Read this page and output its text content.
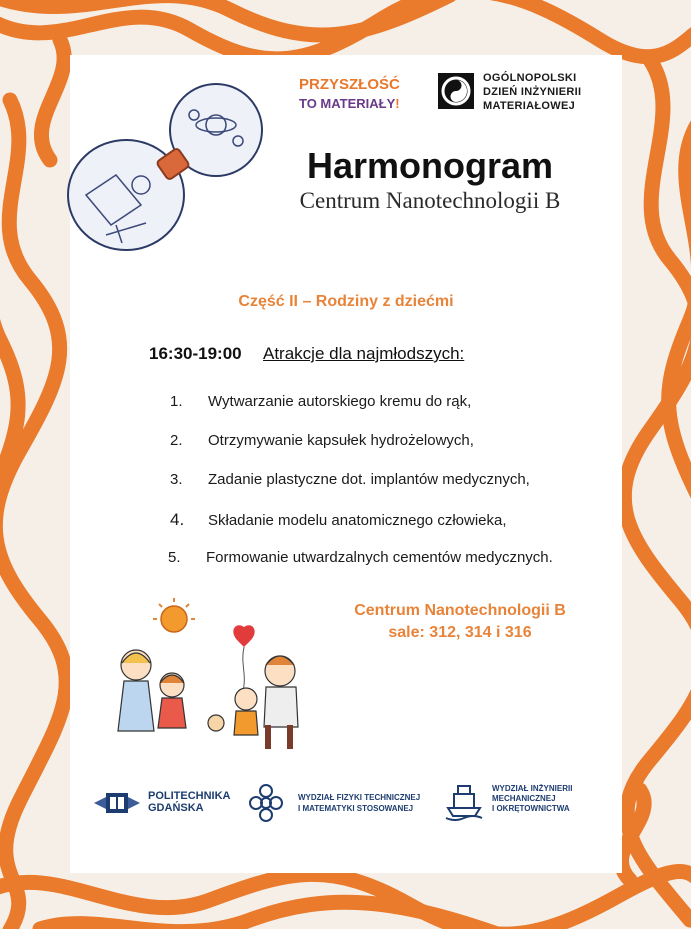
PRZYSZŁOŚĆ
TO MATERIAŁY!
OGÓLNOPOLSKI
DZIEŃ INŻYNIERII
MATERIAŁOWEJ
Harmonogram
Centrum Nanotechnologii B
Część II – Rodziny z dziećmi
16:30-19:00 Atrakcje dla najmłodszych:
1. Wytwarzanie autorskiego kremu do rąk,
2. Otrzymywanie kapsułek hydrożelowych,
3. Zadanie plastyczne dot. implantów medycznych,
4. Składanie modelu anatomicznego człowieka,
5. Formowanie utwardzalnych cementów medycznych.
Centrum Nanotechnologii B
sale: 312, 314 i 316
POLITECHNIKA
GDAŃSKA
WYDZIAŁ FIZYKI TECHNICZNEJ
I MATEMATYKI STOSOWANEJ
WYDZIAŁ INŻYNIERII
MECHANICZNEJ
I OKRĘTOWNICTWA
